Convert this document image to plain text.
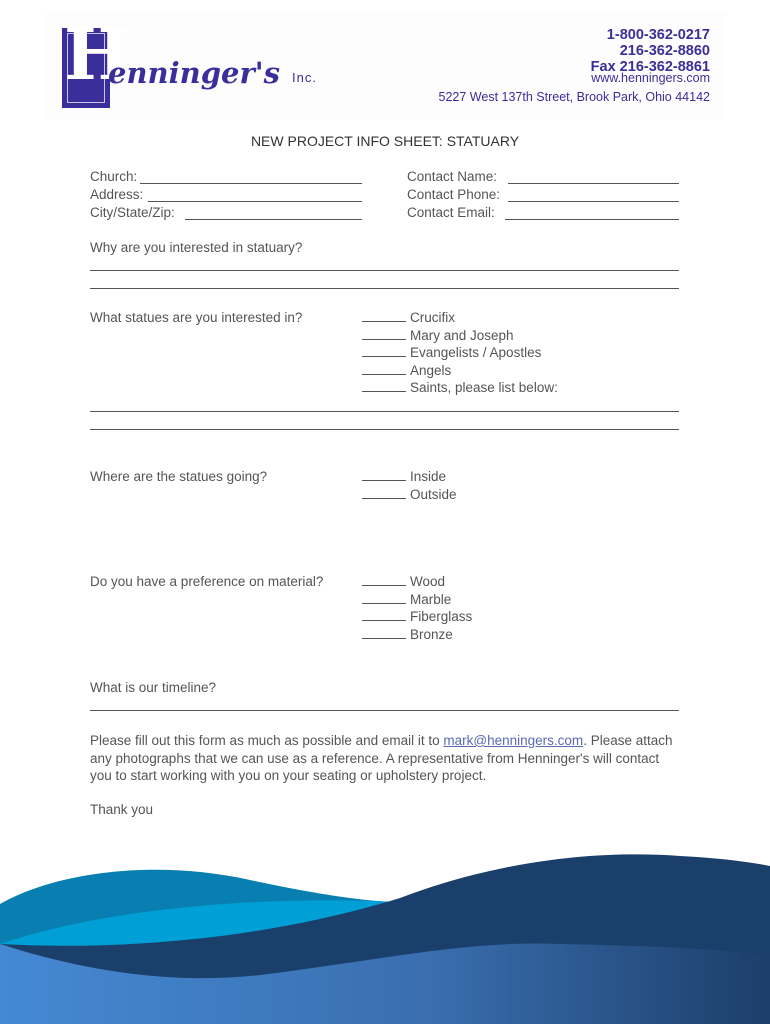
H
enninger's Inc.
1-800-362-0217
216-362-8860
Fax 216-362-8861
www.henningers.com
5227 West 137th Street, Brook Park, Ohio 44142
NEW PROJECT INFO SHEET: STATUARY
Church:
Address:
City/State/Zip:
Contact Name:
Contact Phone:
Contact Email:
Why are you interested in statuary?
What statues are you interested in?	Crucifix
Mary and Joseph
Evangelists / Apostles
Angels
Saints, please list below:
Where are the statues going?	Inside
Outside
Do you have a preference on material?	Wood
Marble
Fiberglass
Bronze
What is our timeline?
Please fill out this form as much as possible and email it to mark@henningers.com. Please attach any photographs that we can use as a reference. A representative from Henninger's will contact you to start working with you on your seating or upholstery project.
Thank you
